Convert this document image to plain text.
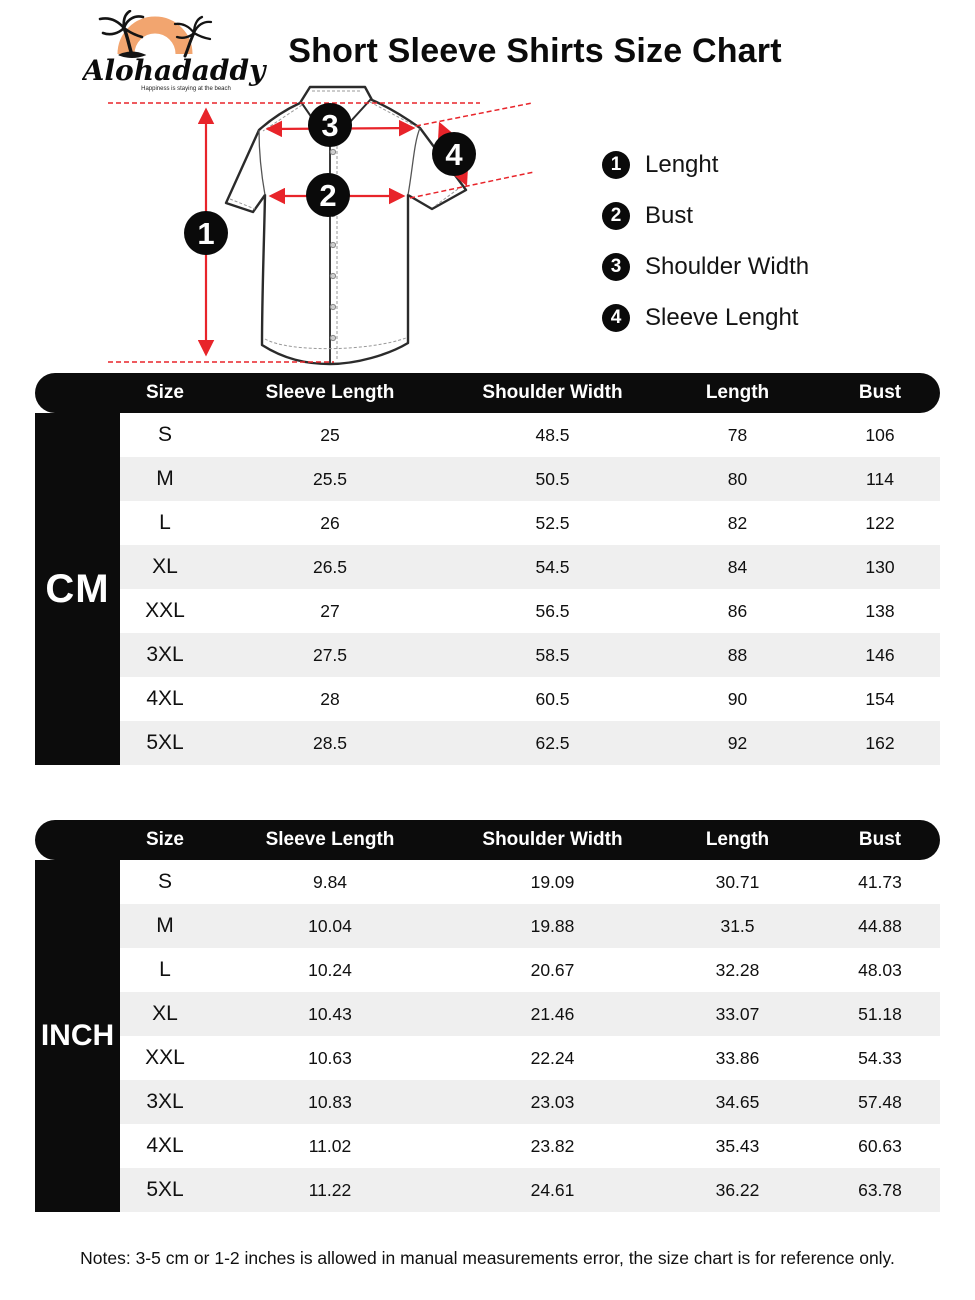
Alohadaddy
Happiness is staying at the beach
Short Sleeve Shirts Size Chart
1
2
3
4	1 Lenght
2 Bust
3 Shoulder Width
4 Sleeve Lenght
Size	Sleeve Length	Shoulder Width	Length	Bust
CM
S	25	48.5	78	106
M	25.5	50.5	80	114
L	26	52.5	82	122
XL	26.5	54.5	84	130
XXL	27	56.5	86	138
3XL	27.5	58.5	88	146
4XL	28	60.5	90	154
5XL	28.5	62.5	92	162
Size	Sleeve Length	Shoulder Width	Length	Bust
INCH
S	9.84	19.09	30.71	41.73
M	10.04	19.88	31.5	44.88
L	10.24	20.67	32.28	48.03
XL	10.43	21.46	33.07	51.18
XXL	10.63	22.24	33.86	54.33
3XL	10.83	23.03	34.65	57.48
4XL	11.02	23.82	35.43	60.63
5XL	11.22	24.61	36.22	63.78
Notes: 3-5 cm or 1-2 inches is allowed in manual measurements error, the size chart is for reference only.
